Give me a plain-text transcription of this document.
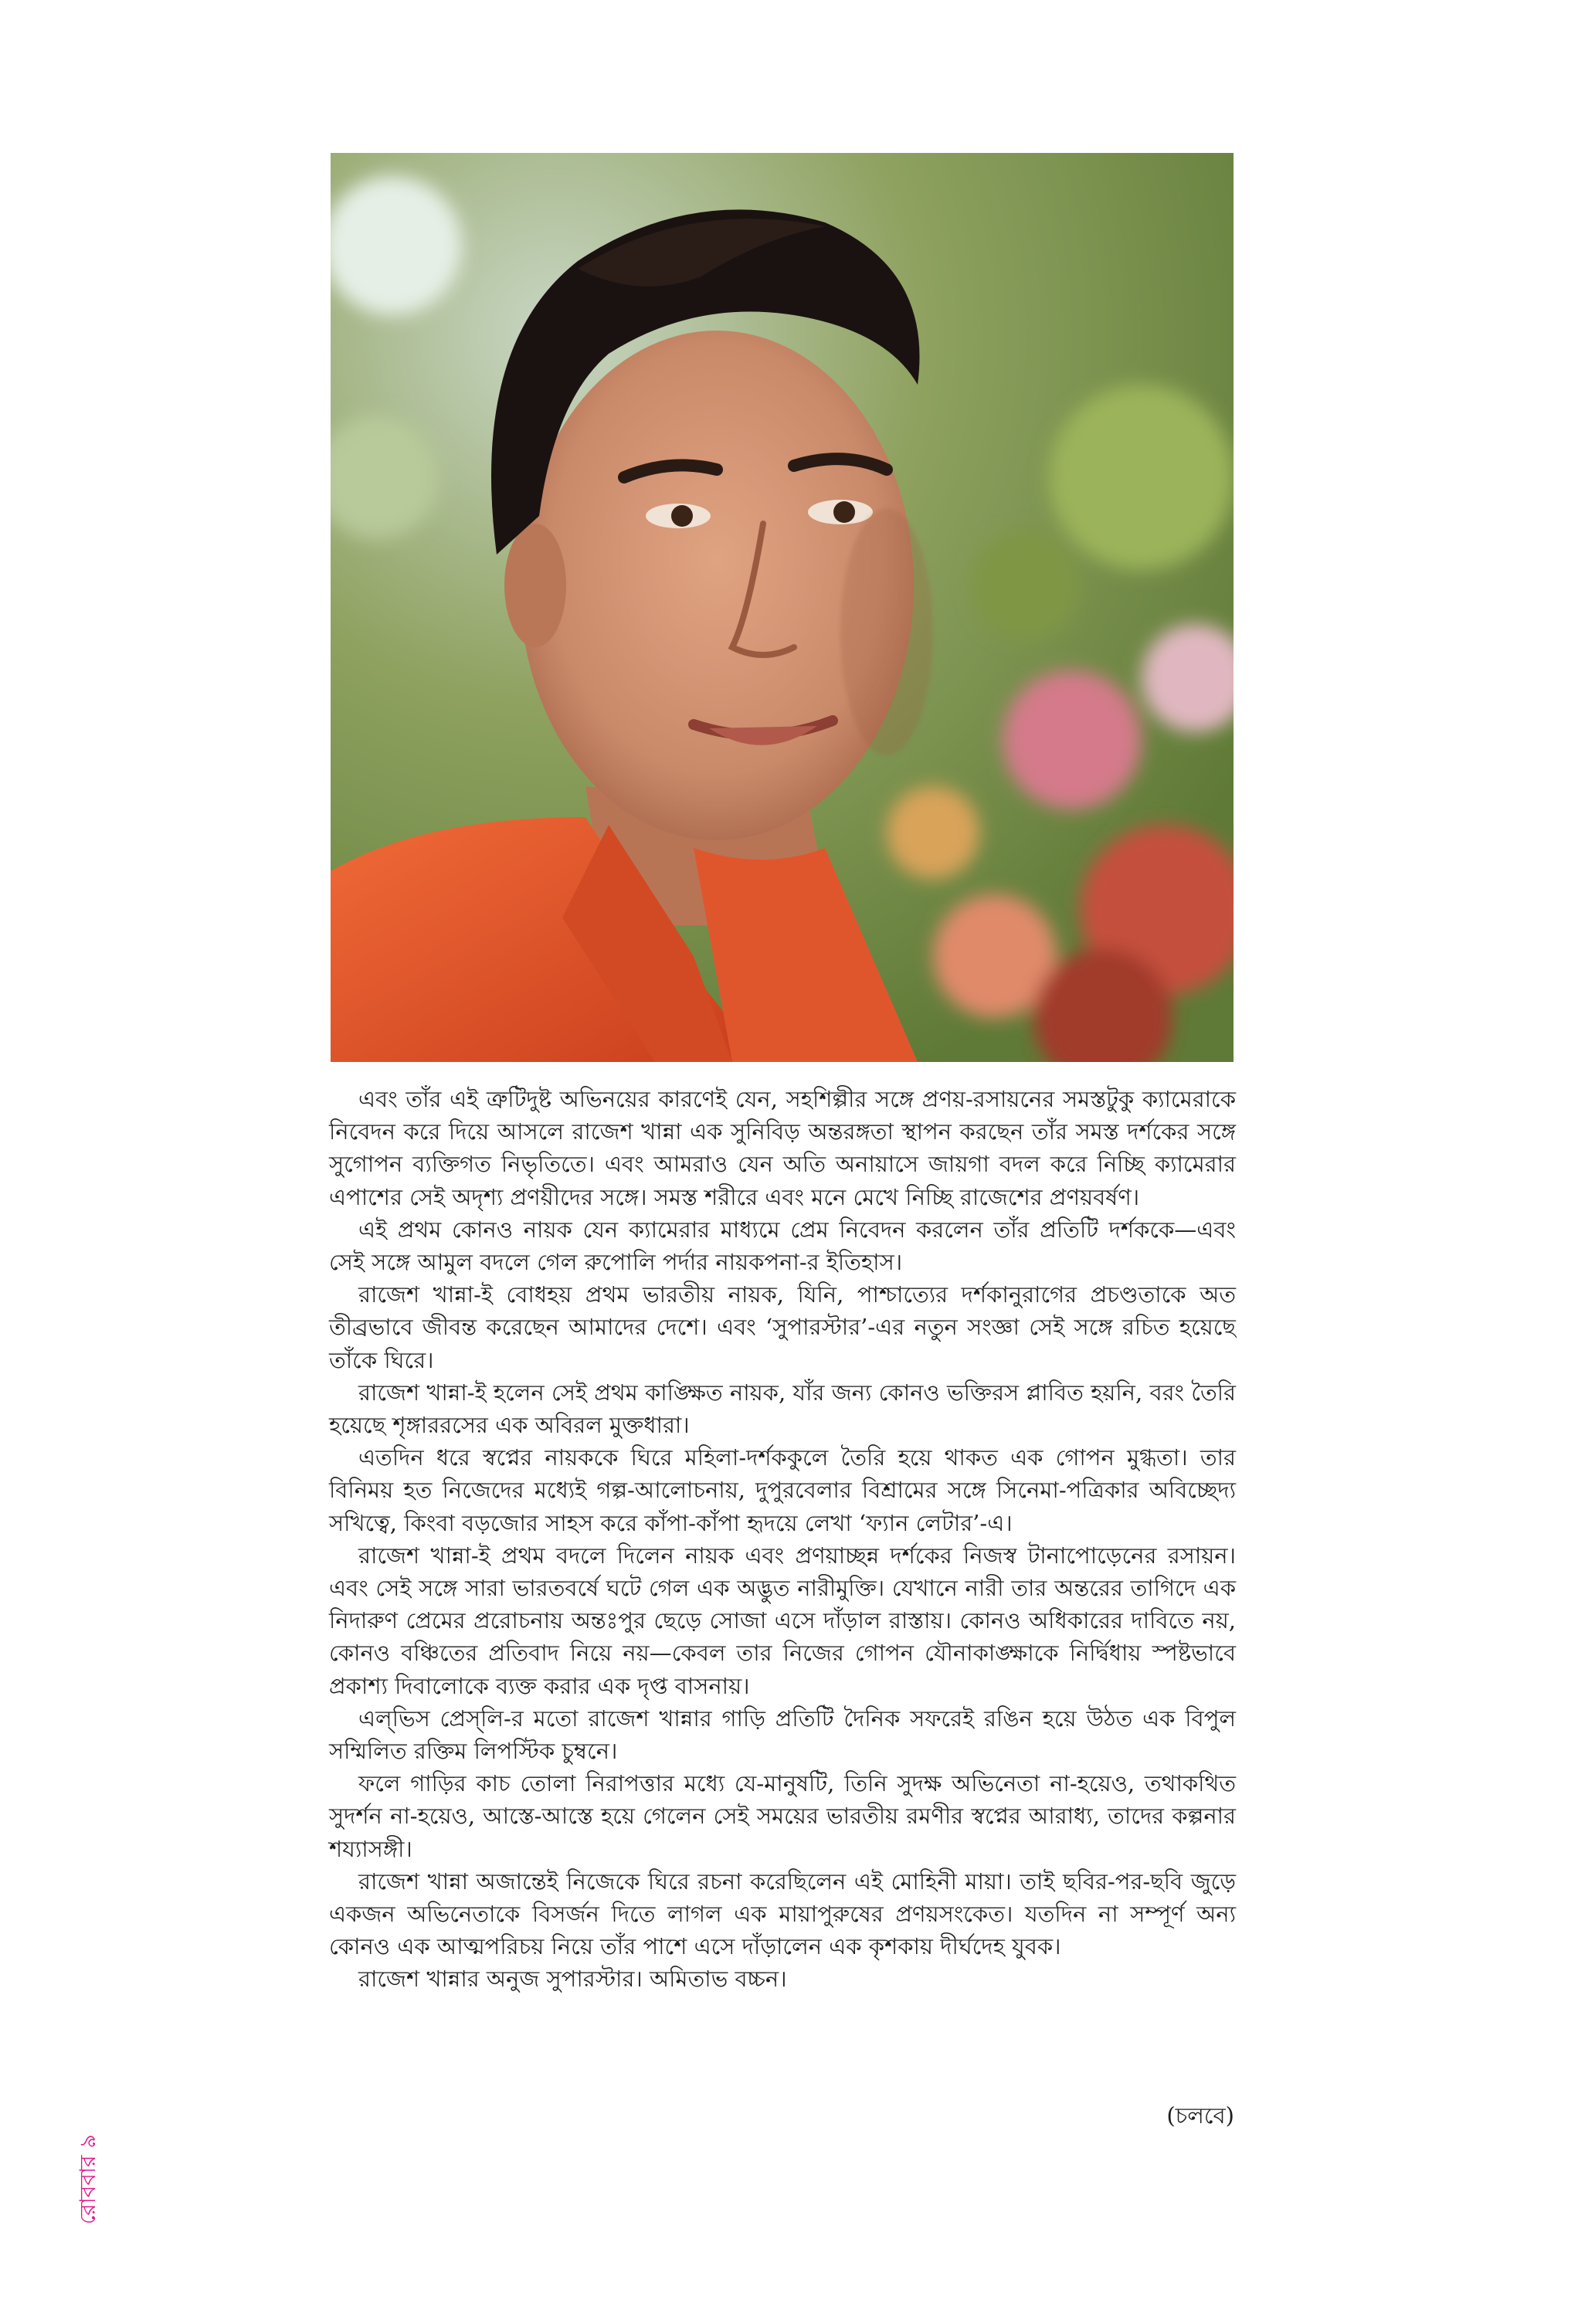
এবং তাঁর এই ত্রুটিদুষ্ট অভিনয়ের কারণেই যেন, সহশিল্পীর সঙ্গে প্রণয়-রসায়নের সমস্তটুকু ক্যামেরাকে নিবেদন করে দিয়ে আসলে রাজেশ খান্না এক সুনিবিড় অন্তরঙ্গতা স্থাপন করছেন তাঁর সমস্ত দর্শকের সঙ্গে সুগোপন ব্যক্তিগত নিভৃতিতে। এবং আমরাও যেন অতি অনায়াসে জায়গা বদল করে নিচ্ছি ক্যামেরার এপাশের সেই অদৃশ্য প্রণয়ীদের সঙ্গে। সমস্ত শরীরে এবং মনে মেখে নিচ্ছি রাজেশের প্রণয়বর্ষণ।

এই প্রথম কোনও নায়ক যেন ক্যামেরার মাধ্যমে প্রেম নিবেদন করলেন তাঁর প্রতিটি দর্শককে—এবং সেই সঙ্গে আমুল বদলে গেল রুপোলি পর্দার নায়কপনা-র ইতিহাস।

রাজেশ খান্না-ই বোধহয় প্রথম ভারতীয় নায়ক, যিনি, পাশ্চাত্যের দর্শকানুরাগের প্রচণ্ডতাকে অত তীব্রভাবে জীবন্ত করেছেন আমাদের দেশে। এবং ‘সুপারস্টার’-এর নতুন সংজ্ঞা সেই সঙ্গে রচিত হয়েছে তাঁকে ঘিরে।

রাজেশ খান্না-ই হলেন সেই প্রথম কাঙ্ক্ষিত নায়ক, যাঁর জন্য কোনও ভক্তিরস প্লাবিত হয়নি, বরং তৈরি হয়েছে শৃঙ্গাররসের এক অবিরল মুক্তধারা।

এতদিন ধরে স্বপ্নের নায়ককে ঘিরে মহিলা-দর্শককুলে তৈরি হয়ে থাকত এক গোপন মুগ্ধতা। তার বিনিময় হত নিজেদের মধ্যেই গল্প-আলোচনায়, দুপুরবেলার বিশ্রামের সঙ্গে সিনেমা-পত্রিকার অবিচ্ছেদ্য সখিত্বে, কিংবা বড়জোর সাহস করে কাঁপা-কাঁপা হৃদয়ে লেখা ‘ফ্যান লেটার’-এ।

রাজেশ খান্না-ই প্রথম বদলে দিলেন নায়ক এবং প্রণয়াচ্ছন্ন দর্শকের নিজস্ব টানাপোড়েনের রসায়ন। এবং সেই সঙ্গে সারা ভারতবর্ষে ঘটে গেল এক অদ্ভুত নারীমুক্তি। যেখানে নারী তার অন্তরের তাগিদে এক নিদারুণ প্রেমের প্ররোচনায় অন্তঃপুর ছেড়ে সোজা এসে দাঁড়াল রাস্তায়। কোনও অধিকারের দাবিতে নয়, কোনও বঞ্চিতের প্রতিবাদ নিয়ে নয়—কেবল তার নিজের গোপন যৌনাকাঙ্ক্ষাকে নির্দ্বিধায় স্পষ্টভাবে প্রকাশ্য দিবালোকে ব্যক্ত করার এক দৃপ্ত বাসনায়।

এল্‌ভিস প্রেস্‌লি-র মতো রাজেশ খান্নার গাড়ি প্রতিটি দৈনিক সফরেই রঙিন হয়ে উঠত এক বিপুল সম্মিলিত রক্তিম লিপস্টিক চুম্বনে।

ফলে গাড়ির কাচ তোলা নিরাপত্তার মধ্যে যে-মানুষটি, তিনি সুদক্ষ অভিনেতা না-হয়েও, তথাকথিত সুদর্শন না-হয়েও, আস্তে-আস্তে হয়ে গেলেন সেই সময়ের ভারতীয় রমণীর স্বপ্নের আরাধ্য, তাদের কল্পনার শয্যাসঙ্গী।

রাজেশ খান্না অজান্তেই নিজেকে ঘিরে রচনা করেছিলেন এই মোহিনী মায়া। তাই ছবির-পর-ছবি জুড়ে একজন অভিনেতাকে বিসর্জন দিতে লাগল এক মায়াপুরুষের প্রণয়সংকেত। যতদিন না সম্পূর্ণ অন্য কোনও এক আত্মপরিচয় নিয়ে তাঁর পাশে এসে দাঁড়ালেন এক কৃশকায় দীর্ঘদেহ যুবক।

রাজেশ খান্নার অনুজ সুপারস্টার। অমিতাভ বচ্চন।

(চলবে)
রোববার ৯
